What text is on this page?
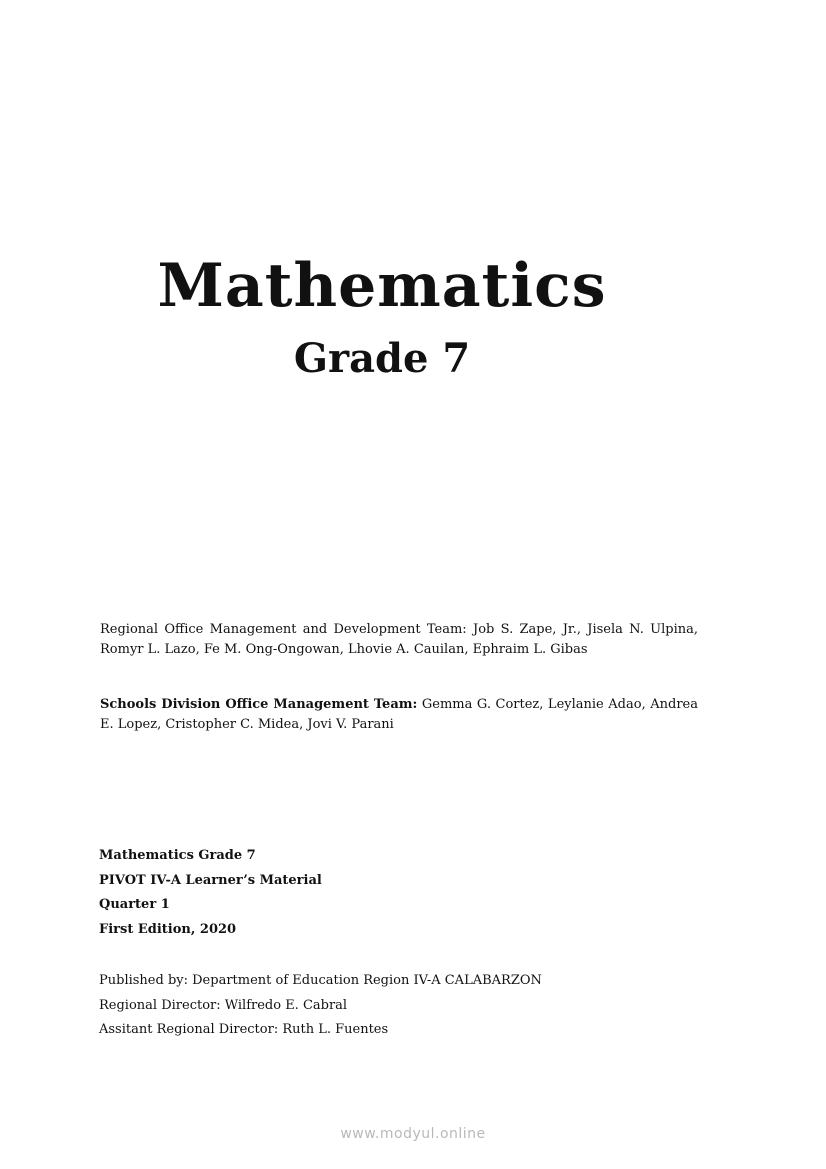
Mathematics
Grade 7

Regional Office Management and Development Team: Job S. Zape, Jr., Jisela N. Ulpina, Romyr L. Lazo, Fe M. Ong-Ongowan, Lhovie A. Cauilan, Ephraim L. Gibas

Schools Division Office Management Team: Gemma G. Cortez, Leylanie Adao, Andrea E. Lopez, Cristopher C. Midea, Jovi V. Parani

Mathematics Grade 7
PIVOT IV-A Learner’s Material
Quarter 1
First Edition, 2020
Published by: Department of Education Region IV-A CALABARZON
Regional Director: Wilfredo E. Cabral
Assitant Regional Director: Ruth L. Fuentes
www.modyul.online
